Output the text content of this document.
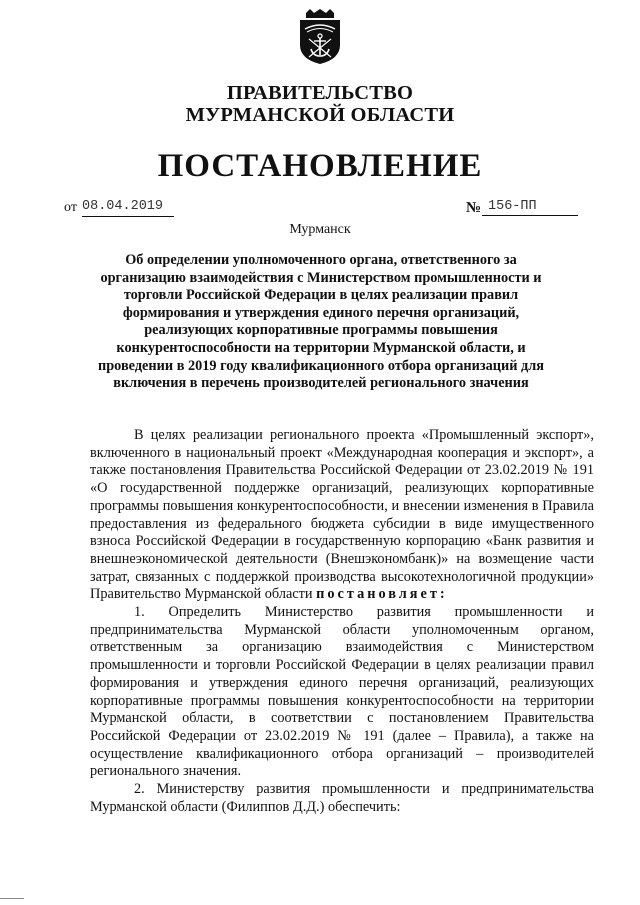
ПРАВИТЕЛЬСТВО
МУРМАНСКОЙ ОБЛАСТИ
ПОСТАНОВЛЕНИЕ
от 08.04.2019	№ 156-ПП
Мурманск
Об определении уполномоченного органа, ответственного за организацию взаимодействия с Министерством промышленности и торговли Российской Федерации в целях реализации правил формирования и утверждения единого перечня организаций, реализующих корпоративные программы повышения конкурентоспособности на территории Мурманской области, и проведении в 2019 году квалификационного отбора организаций для включения в перечень производителей регионального значения

В целях реализации регионального проекта «Промышленный экспорт», включенного в национальный проект «Международная кооперация и экспорт», а также постановления Правительства Российской Федерации от 23.02.2019 № 191 «О государственной поддержке организаций, реализующих корпоративные программы повышения конкурентоспособности, и внесении изменения в Правила предоставления из федерального бюджета субсидии в виде имущественного взноса Российской Федерации в государственную корпорацию «Банк развития и внешнеэкономической деятельности (Внешэкономбанк)» на возмещение части затрат, связанных с поддержкой производства высокотехнологичной продукции» Правительство Мурманской области постановляет:

1. Определить Министерство развития промышленности и предпринимательства Мурманской области уполномоченным органом, ответственным за организацию взаимодействия с Министерством промышленности и торговли Российской Федерации в целях реализации правил формирования и утверждения единого перечня организаций, реализующих корпоративные программы повышения конкурентоспособности на территории Мурманской области, в соответствии с постановлением Правительства Российской Федерации от 23.02.2019 № 191 (далее – Правила), а также на осуществление квалификационного отбора организаций – производителей регионального значения.

2. Министерству развития промышленности и предпринимательства Мурманской области (Филиппов Д.Д.) обеспечить:
